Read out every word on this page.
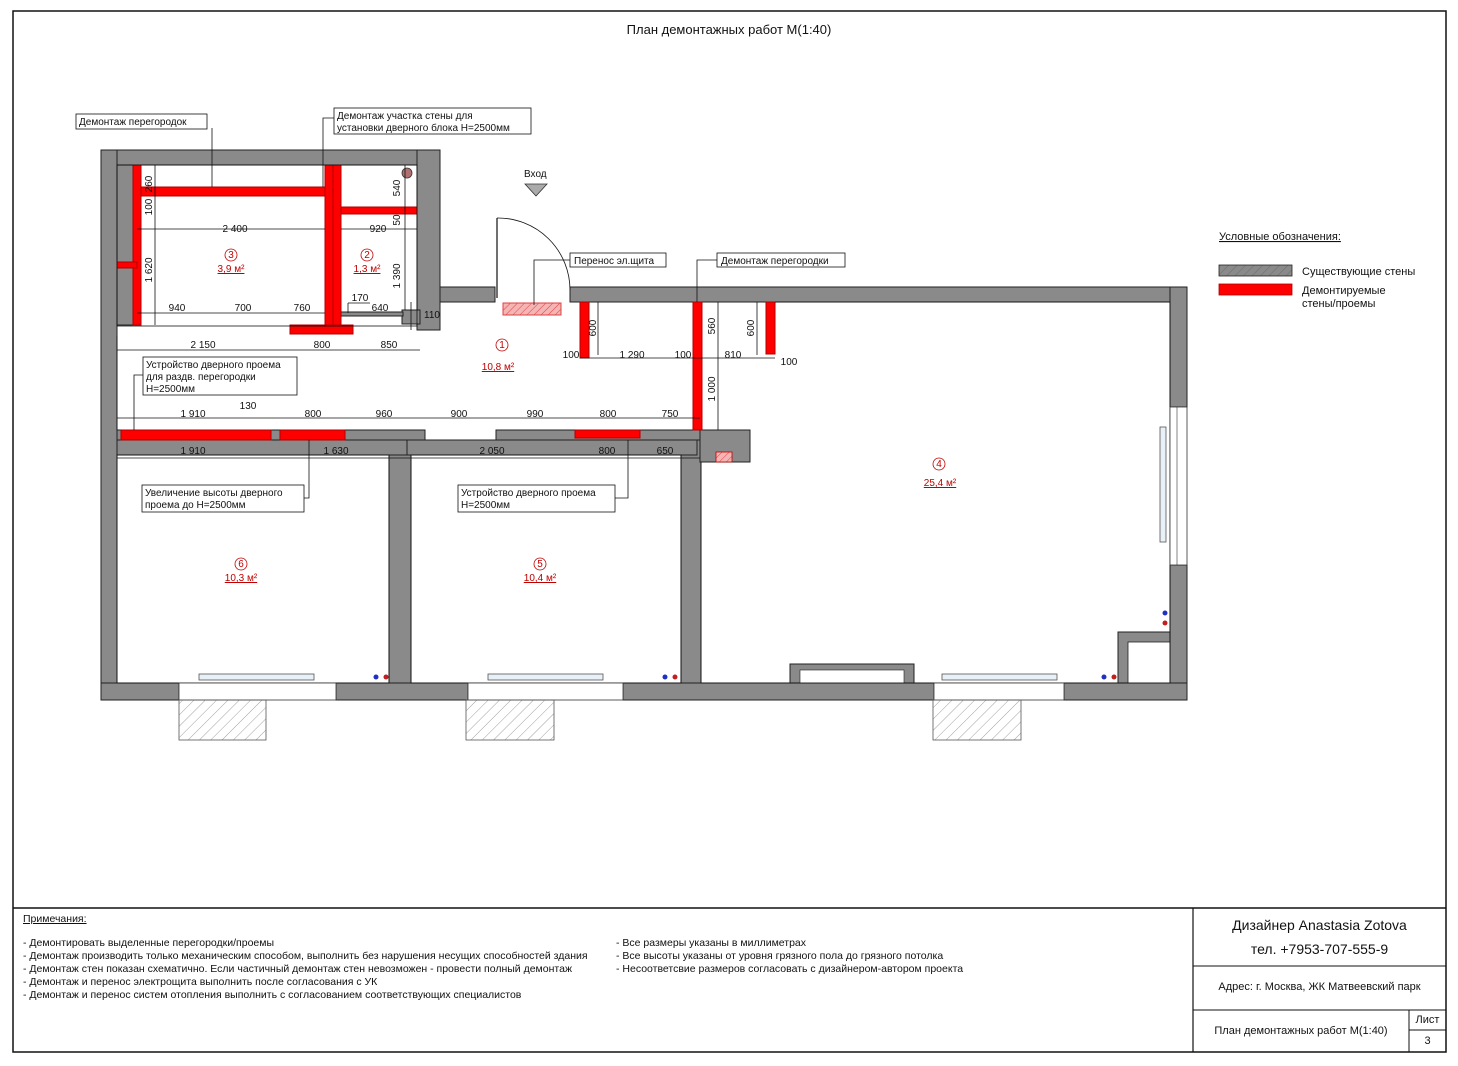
План демонтажных работ М(1:40)
Вход
Демонтаж перегородок
Демонтаж участка стены для
установки дверного блока Н=2500мм
Перенос эл.щита	Демонтаж перегородки
Устройство дверного проема
для раздв. перегородки
Н=2500мм
Увеличение высоты дверного
проема до Н=2500мм
Устройство дверного проема
Н=2500мм
1
10,8 м²
2
1,3 м²
3
3,9 м²
4
25,4 м²
5
10,4 м²
6
10,3 м²
260
100
1 620
2 400
540
50
920
1 390
940	700	760
170
640
110
2 150	800	850
600
100	1 290	100
560
810
600
100
1 000
130
1 910	800	960	900	990	800	750
1 910	1 630	2 050	800	650
Условные обозначения:
Существующие стены
Демонтируемые
стены/проемы
Примечания:
- Демонтировать выделенные перегородки/проемы
- Демонтаж производить только механическим способом, выполнить без нарушения несущих способностей здания
- Демонтаж стен показан схематично. Если частичный демонтаж стен невозможен - провести полный демонтаж
- Демонтаж и перенос электрощита выполнить после согласования с УК
- Демонтаж и перенос систем отопления выполнить с согласованием соответствующих специалистов
- Все размеры указаны в миллиметрах
- Все высоты указаны от уровня грязного пола до грязного потолка
- Несоответсвие размеров согласовать с дизайнером-автором проекта
Дизайнер Anastasia Zotova
тел. +7953-707-555-9
Адрес: г. Москва, ЖК Матвеевский парк
План демонтажных работ М(1:40)
Лист
3
